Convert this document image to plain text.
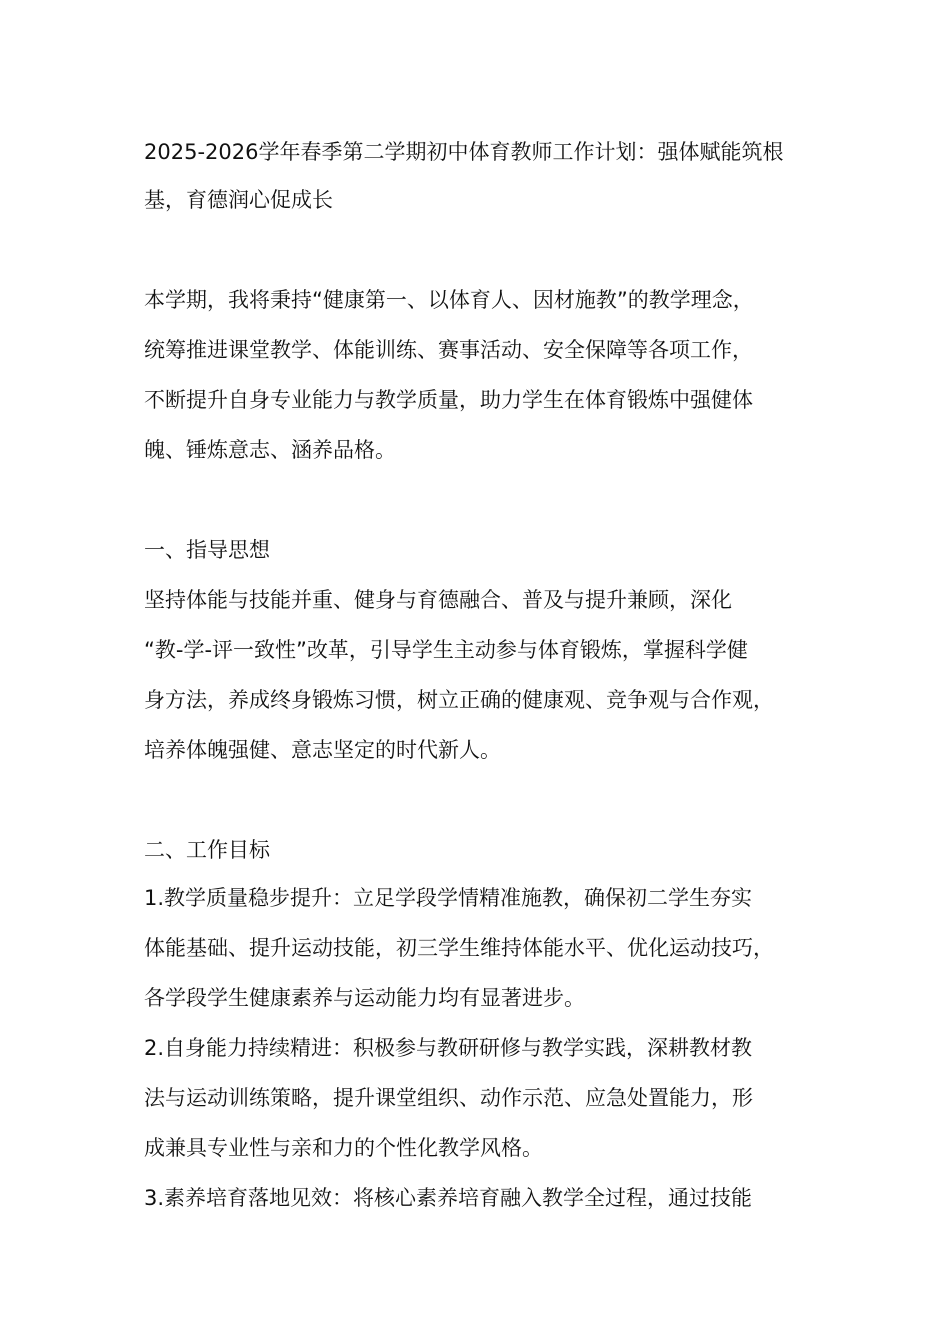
2025-2026学年春季第二学期初中体育教师工作计划：强体赋能筑根
基，育德润心促成长
本学期，我将秉持“健康第一、以体育人、因材施教”的教学理念，
统筹推进课堂教学、体能训练、赛事活动、安全保障等各项工作，
不断提升自身专业能力与教学质量，助力学生在体育锻炼中强健体
魄、锤炼意志、涵养品格。
一、指导思想
坚持体能与技能并重、健身与育德融合、普及与提升兼顾，深化
“教-学-评一致性”改革，引导学生主动参与体育锻炼，掌握科学健
身方法，养成终身锻炼习惯，树立正确的健康观、竞争观与合作观，
培养体魄强健、意志坚定的时代新人。
二、工作目标
1.教学质量稳步提升：立足学段学情精准施教，确保初二学生夯实
体能基础、提升运动技能，初三学生维持体能水平、优化运动技巧，
各学段学生健康素养与运动能力均有显著进步。
2.自身能力持续精进：积极参与教研研修与教学实践，深耕教材教
法与运动训练策略，提升课堂组织、动作示范、应急处置能力，形
成兼具专业性与亲和力的个性化教学风格。
3.素养培育落地见效：将核心素养培育融入教学全过程，通过技能
